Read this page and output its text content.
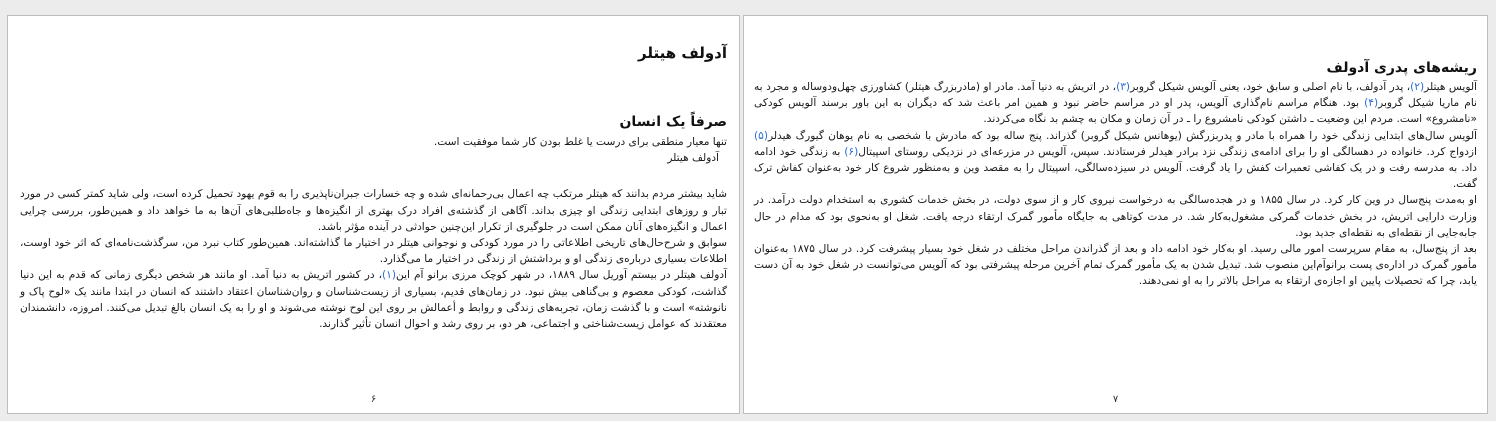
آدولف هیتلر
صرفاً یک انسان
تنها معیار منطقی برای درست یا غلط بودن کار شما موفقیت است.
آدولف هیتلر

شاید بیشتر مردم بدانند که هیتلر مرتکب چه اعمال بی‌رحمانه‌ای شده و چه خسارات جبران‌ناپذیری را به قوم یهود تحمیل کرده است، ولی شاید کمتر کسی در مورد تبار و روزهای ابتدایی زندگی او چیزی بداند. آگاهی از گذشته‌ی افراد درک بهتری از انگیزه‌ها و جاه‌طلبی‌های آن‌ها به ما خواهد داد و همین‌طور، بررسی چرایی اعمال و انگیزه‌های آنان ممکن است در جلوگیری از تکرار این‌چنین حوادثی در آینده مؤثر باشد.

سوابق و شرح‌حال‌های تاریخی اطلاعاتی را در مورد کودکی و نوجوانی هیتلر در اختیار ما گذاشته‌اند. همین‌طور کتاب نبرد من، سرگذشت‌نامه‌ای که اثر خود اوست، اطلاعات بسیاری درباره‌ی زندگی او و برداشتش از زندگی در اختیار ما می‌گذارد.

آدولف هیتلر در بیستم آوریل سال ۱۸۸۹، در شهر کوچک مرزی برانو آم این(۱)، در کشور اتریش به دنیا آمد. او مانند هر شخص دیگری زمانی که قدم به این دنیا گذاشت، کودکی معصوم و بی‌گناهی بیش نبود. در زمان‌های قدیم، بسیاری از زیست‌شناسان و روان‌شناسان اعتقاد داشتند که انسان در ابتدا مانند یک «لوح پاک و نانوشته» است و با گذشت زمان، تجربه‌های زندگی و روابط و أعمالش بر روی این لوح نوشته می‌شوند و او را به یک انسان بالغ تبدیل می‌کنند. امروزه، دانشمندان معتقدند که عوامل زیست‌شناختی و اجتماعی، هر دو، بر روی رشد و احوال انسان تأثیر گذارند.

۶
ریشه‌های پدری آدولف

آلویس هیتلر(۲)، پدر آدولف، با نام اصلی و سابق خود، یعنی آلویس شیکل گروبر(۳)، در اتریش به دنیا آمد. مادر او (مادربزرگ هیتلر) کشاورزی چهل‌ودوساله و مجرد به نام ماریا شیکل گروبر(۴) بود. هنگام مراسم نام‌گذاری آلویس، پدر او در مراسم حاضر نبود و همین امر باعث شد که دیگران به این باور برسند آلویس کودکی «نامشروع» است. مردم این وضعیت ـ داشتن کودکی نامشروع را ـ در آن زمان و مکان به چشم بد نگاه می‌کردند.

آلویس سال‌های ابتدایی زندگی خود را همراه با مادر و پدربزرگش (یوهانس شیکل گروبر) گذراند. پنج ساله بود که مادرش با شخصی به نام یوهان گیورگ هیدلر(۵) ازدواج کرد. خانواده در دهسالگی او را برای ادامه‌ی زندگی نزد برادر هیدلر فرستادند. سپس، آلویس در مزرعه‌ای در نزدیکی روستای اسپیتال(۶) به زندگی خود ادامه داد. به مدرسه رفت و در یک کفاشی تعمیرات کفش را یاد گرفت. آلویس در سیزده‌سالگی، اسپیتال را به مقصد وین و به‌منظور شروع کار خود به‌عنوان کفاش ترک گفت.

او به‌مدت پنج‌سال در وین کار کرد. در سال ۱۸۵۵ و در هجده‌سالگی به درخواست نیروی کار و از سوی دولت، در بخش خدمات کشوری به استخدام دولت درآمد. در وزارت دارایی اتریش، در بخش خدمات گمرکی مشغول‌به‌کار شد. در مدت کوتاهی به جایگاه مأمور گمرک ارتقاء درجه یافت. شغل او به‌نحوی بود که مدام در حال جابه‌جایی از نقطه‌ای به نقطه‌ای جدید بود.

بعد از پنج‌سال، به مقام سرپرست امور مالی رسید. او به‌کار خود ادامه داد و بعد از گذراندن مراحل مختلف در شغل خود بسیار پیشرفت کرد. در سال ۱۸۷۵ به‌عنوان مأمور گمرک در اداره‌ی پست برانوآم‌این منصوب شد. تبدیل شدن به یک مأمور گمرک تمام آخرین مرحله پیشرفتی بود که آلویس می‌توانست در شغل خود به آن دست یابد، چرا که تحصیلات پایین او اجازه‌ی ارتقاء به مراحل بالاتر را به او نمی‌دهند.

۷
